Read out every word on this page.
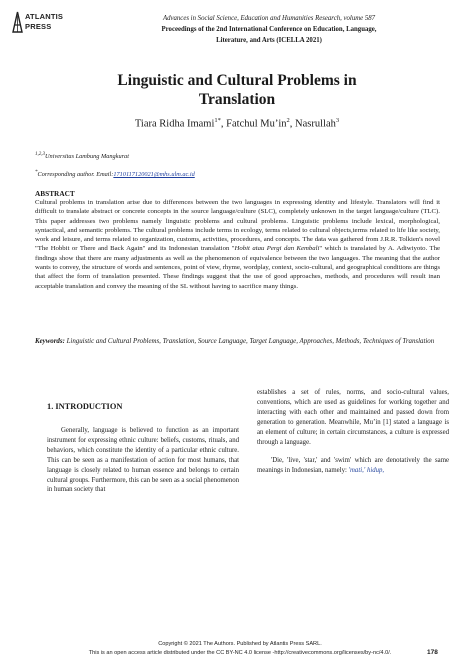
ATLANTIS
PRESS
Advances in Social Science, Education and Humanities Research, volume 587
Proceedings of the 2nd International Conference on Education, Language,
Literature, and Arts (ICELLA 2021)
Linguistic and Cultural Problems in
Translation
Tiara Ridha Imami$^{1*}$, Fatchul $Mu’in^2$, Nasrullah$^3$
$^{1,2,3}$Universitas Lambung Mangkurat
*Corresponding author. Email:1710117120021@mhs.ulm.ac.id
ABSTRACT
Cultural problems in translation arise due to differences between the two languages in expressing identity and lifestyle. Translators will find it difficult to translate abstract or concrete concepts in the source language/culture (SLC), completely unknown in the target language/culture (TLC). This paper addresses two problems namely linguistic problems and cultural problems. Linguistic problems include lexical, morphological, syntactical, and semantic problems. The cultural problems include terms in ecology, terms related to cultural objects,terms related to life like society, work and leisure, and terms related to organization, customs, activities, procedures, and concepts. The data was gathered from J.R.R. Tolkien's novel "The Hobbit or There and Back Again" and its Indonesian translation "Hobit atau Pergi dan Kembali" which is translated by A. Adiwiyoto. The findings show that there are many adjustments as well as the phenomenon of equivalence between the two languages. The meaning that the author wants to convey, the structure of words and sentences, point of view, rhyme, wordplay, context, socio-cultural, and geographical conditions are things that affect the form of translation presented. These findings suggest that the use of good approaches, methods, and procedures will result inan acceptable translation and convey the meaning of the SL without having to sacrifice many things.
Keywords: Linguistic and Cultural Problems, Translation, Source Language, Target Language, Approaches, Methods, Techniques of Translation
1. INTRODUCTION
Generally, language is believed to function as an important instrument for expressing ethnic culture: beliefs, customs, rituals, and behaviors, which constitute the identity of a particular ethnic culture. This can be seen as a manifestation of action for most humans, that language is closely related to human essence and belongs to certain cultural groups. Furthermore, this can be seen as a social phenomenon in human society that
establishes a set of rules, norms, and socio-cultural values, conventions, which are used as guidelines for working together and interacting with each other and maintained and passed down from generation to generation. Meanwhile, Mu’in [1] stated a language is an element of culture; in certain circumstances, a culture is expressed through a language.
'Die, 'live, 'star,' and 'swim' which are denotatively the same meanings in Indonesian, namely: 'mati,' hidup,
Copyright © 2021 The Authors. Published by Atlantis Press SARL.
This is an open access article distributed under the CC BY-NC 4.0 license -http://creativecommons.org/licenses/by-nc/4.0/.	178
